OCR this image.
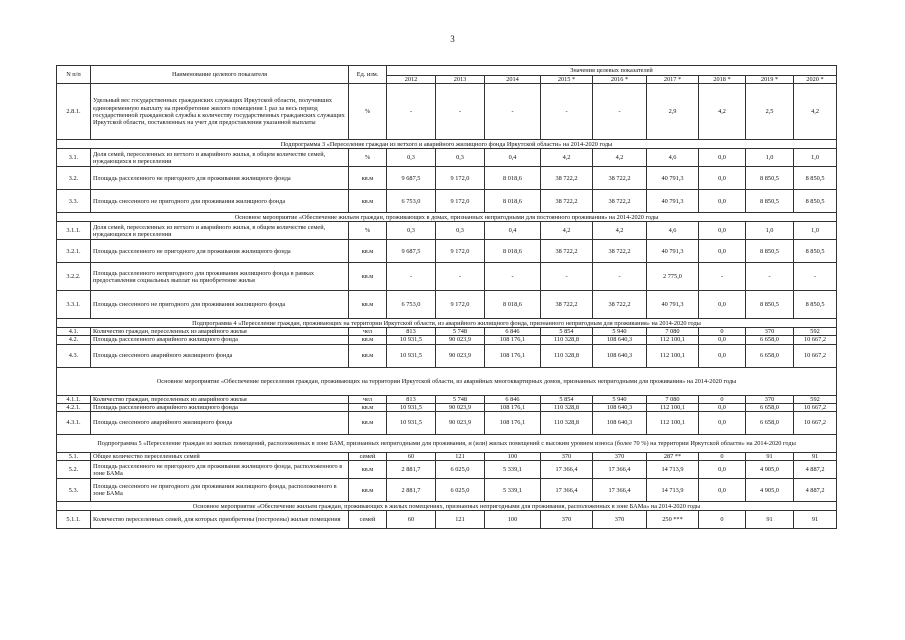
3
N п/п	Наименование целевого показателя	Ед. изм.	Значения целевых показателей								
			2012	2013	2014	2015 *	2016 *	2017 *	2018 *	2019 *	2020 *
2.8.1.	Удельный вес государственных гражданских служащих Иркутской области, получивших единовременную выплату на приобретение жилого помещения 1 раз за весь период государственной гражданской службы к количеству государственных гражданских служащих Иркутской области, поставленных на учет для предоставления указанной выплаты	%	-	-	-	-	-	2,9	4,2	2,5	4,2
Подпрограмма 3 «Переселение граждан из ветхого и аварийного жилищного фонда Иркутской области» на 2014-2020 годы											
3.1.	Доля семей, переселенных из ветхого и аварийного жилья, в общем количестве семей, нуждающихся в переселении	%	0,3	0,3	0,4	4,2	4,2	4,6	0,0	1,0	1,0
3.2.	Площадь расселенного не пригодного для проживания жилищного фонда	кв.м	9 687,5	9 172,0	8 018,6	38 722,2	38 722,2	40 791,3	0,0	8 850,5	8 850,5
3.3.	Площадь снесенного не пригодного для проживания жилищного фонда	кв.м	6 753,0	9 172,0	8 018,6	38 722,2	38 722,2	40 791,3	0,0	8 850,5	8 850,5
Основное мероприятие «Обеспечение жильем граждан, проживающих в домах, признанных непригодными для постоянного проживания» на 2014-2020 годы											
3.1.1.	Доля семей, переселенных из ветхого и аварийного жилья, в общем количестве семей, нуждающихся в переселении	%	0,3	0,3	0,4	4,2	4,2	4,6	0,0	1,0	1,0
3.2.1.	Площадь расселенного не пригодного для проживания жилищного фонда	кв.м	9 687,5	9 172,0	8 018,6	38 722,2	38 722,2	40 791,3	0,0	8 850,5	8 850,5
3.2.2.	Площадь расселенного непригодного для проживания жилищного фонда в рамках предоставления социальных выплат на приобретение жилья	кв.м	-	-	-	-	-	2 775,0	-	-	-
3.3.1.	Площадь снесенного не пригодного для проживания жилищного фонда	кв.м	6 753,0	9 172,0	8 018,6	38 722,2	38 722,2	40 791,3	0,0	8 850,5	8 850,5
Подпрограмма 4 «Переселение граждан, проживающих на территории Иркутской области, из аварийного жилищного фонда, признанного непригодным для проживания» на 2014-2020 годы											
4.1.	Количество граждан, переселенных из аварийного жилья	чел	813	5 748	6 846	5 854	5 940	7 080	0	370	592
4.2.	Площадь расселенного аварийного жилищного фонда	кв.м	10 931,5	90 023,9	108 176,1	110 328,8	108 640,3	112 100,1	0,0	6 658,0	10 667,2
4.3.	Площадь снесенного аварийного жилищного фонда	кв.м	10 931,5	90 023,9	108 176,1	110 328,8	108 640,3	112 100,1	0,0	6 658,0	10 667,2
Основное мероприятие «Обеспечение переселения граждан, проживающих на территории Иркутской области, из аварийных многоквартирных домов, признанных непригодными для проживания» на 2014-2020 годы											
4.1.1.	Количество граждан, переселенных из аварийного жилья	чел	813	5 748	6 846	5 854	5 940	7 080	0	370	592
4.2.1.	Площадь расселенного аварийного жилищного фонда	кв.м	10 931,5	90 023,9	108 176,1	110 328,8	108 640,3	112 100,1	0,0	6 658,0	10 667,2
4.3.1.	Площадь снесенного аварийного жилищного фонда	кв.м	10 931,5	90 023,9	108 176,1	110 328,8	108 640,3	112 100,1	0,0	6 658,0	10 667,2
Подпрограмма 5 «Переселение граждан из жилых помещений, расположенных в зоне БАМ, признанных непригодными для проживания, и (или) жилых помещений с высоким уровнем износа (более 70 %) на территории Иркутской области» на 2014-2020 годы											
5.1.	Общее количество переселенных семей	семей	60	121	100	370	370	287 **	0	91	91
5.2.	Площадь расселенного не пригодного для проживания жилищного фонда, расположенного в зоне БАМа	кв.м	2 881,7	6 025,0	5 339,1	17 366,4	17 366,4	14 713,9	0,0	4 905,0	4 887,2
5.3.	Площадь снесенного не пригодного для проживания жилищного фонда, расположенного в зоне БАМа	кв.м	2 881,7	6 025,0	5 339,1	17 366,4	17 366,4	14 713,9	0,0	4 905,0	4 887,2
Основное мероприятие «Обеспечение жильем граждан, проживающих в жилых помещениях, признанных непригодными для проживания, расположенных в зоне БАМа» на 2014-2020 годы											
5.1.1.	Количество переселенных семей, для которых приобретены (построены) жилые помещения	семей	60	121	100	370	370	250 ***	0	91	91
